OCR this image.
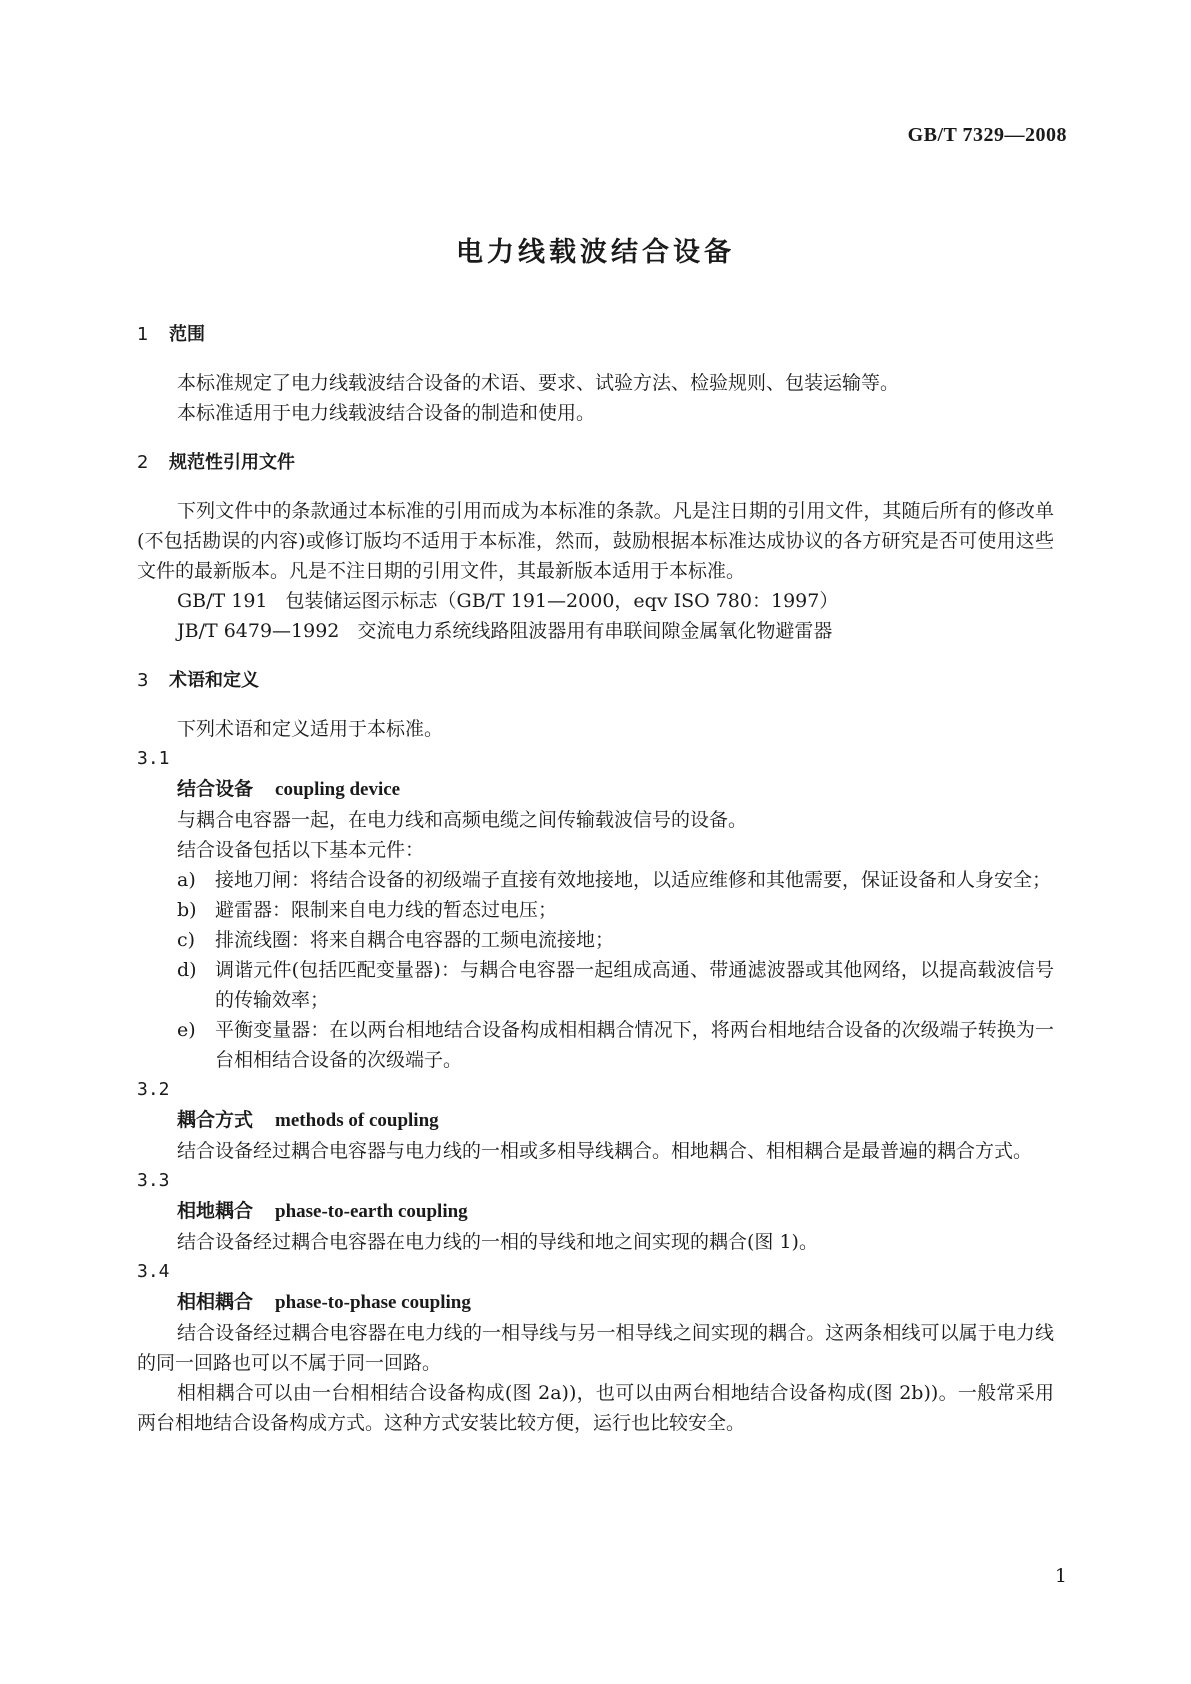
GB/T 7329—2008
电力线载波结合设备
1 范围

本标准规定了电力线载波结合设备的术语、要求、试验方法、检验规则、包装运输等。

本标准适用于电力线载波结合设备的制造和使用。

2 规范性引用文件

下列文件中的条款通过本标准的引用而成为本标准的条款。凡是注日期的引用文件，其随后所有的修改单(不包括勘误的内容)或修订版均不适用于本标准，然而，鼓励根据本标准达成协议的各方研究是否可使用这些文件的最新版本。凡是不注日期的引用文件，其最新版本适用于本标准。

GB/T 191 包装储运图示标志（GB/T 191—2000，eqv ISO 780：1997）

JB/T 6479—1992 交流电力系统线路阻波器用有串联间隙金属氧化物避雷器

3 术语和定义

下列术语和定义适用于本标准。

3.1

结合设备 coupling device

与耦合电容器一起，在电力线和高频电缆之间传输载波信号的设备。

结合设备包括以下基本元件：

a)	接地刀闸：将结合设备的初级端子直接有效地接地，以适应维修和其他需要，保证设备和人身安全；
b) 避雷器：限制来自电力线的暂态过电压；
c)	排流线圈：将来自耦合电容器的工频电流接地；
d) 调谐元件(包括匹配变量器)：与耦合电容器一起组成高通、带通滤波器或其他网络，以提高载波信号的传输效率；
e)	平衡变量器：在以两台相地结合设备构成相相耦合情况下，将两台相地结合设备的次级端子转换为一台相相结合设备的次级端子。

3.2

耦合方式 methods of coupling

结合设备经过耦合电容器与电力线的一相或多相导线耦合。相地耦合、相相耦合是最普遍的耦合方式。

3.3

相地耦合 phase-to-earth coupling

结合设备经过耦合电容器在电力线的一相的导线和地之间实现的耦合(图 1)。

3.4

相相耦合 phase-to-phase coupling

结合设备经过耦合电容器在电力线的一相导线与另一相导线之间实现的耦合。这两条相线可以属于电力线的同一回路也可以不属于同一回路。

相相耦合可以由一台相相结合设备构成(图 2a))，也可以由两台相地结合设备构成(图 2b))。一般常采用两台相地结合设备构成方式。这种方式安装比较方便，运行也比较安全。

1
